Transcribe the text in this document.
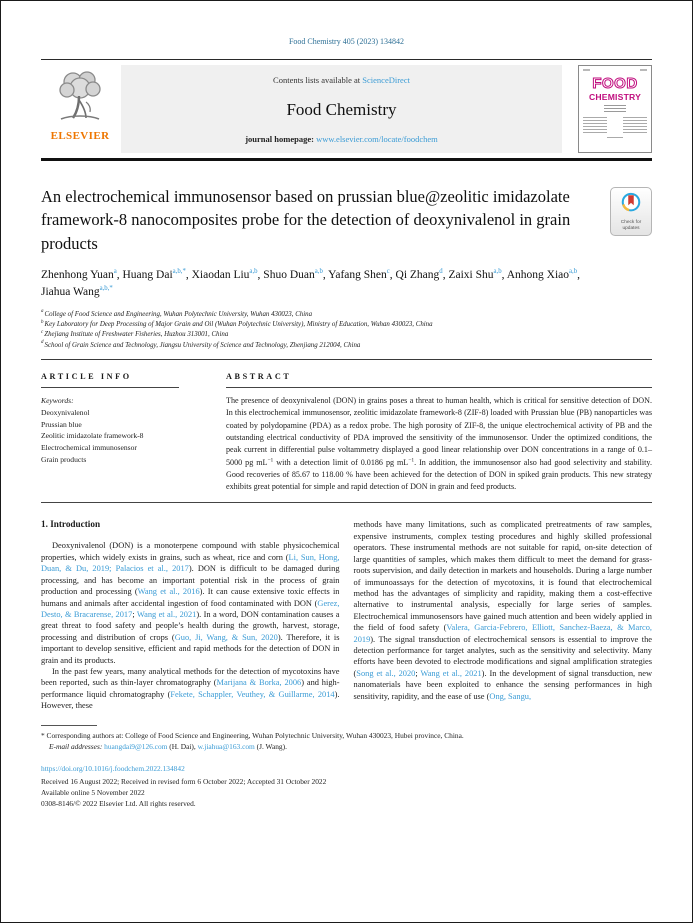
Food Chemistry 405 (2023) 134842
ELSEVIER
Contents lists available at ScienceDirect
Food Chemistry
journal homepage: www.elsevier.com/locate/foodchem
FOOD
CHEMISTRY
An electrochemical immunosensor based on prussian blue@zeolitic imidazolate framework-8 nanocomposites probe for the detection of deoxynivalenol in grain products
Check for
updates
Zhenhong Yuan$^a$, Huang Dai$^{a,b,*}$, Xiaodan Liu$^{a,b}$, Shuo Duan$^{a,b}$, Yafang Shen$^c$, Qi Zhang$^d$, Zaixi Shu$^{a,b}$, Anhong Xiao$^{a,b}$, Jiahua Wang$^{a,b,*}$
$^a$College of Food Science and Engineering, Wuhan Polytechnic University, Wuhan 430023, China
$^b$Key Laboratory for Deep Processing of Major Grain and Oil (Wuhan Polytechnic University), Ministry of Education, Wuhan 430023, China
$^c$Zhejiang Institute of Freshwater Fisheries, Huzhou 313001, China
$^d$School of Grain Science and Technology, Jiangsu University of Science and Technology, Zhenjiang 212004, China
ARTICLE INFO
Keywords:
Deoxynivalenol
Prussian blue
Zeolitic imidazolate framework-8
Electrochemical immunosensor
Grain products
ABSTRACT

The presence of deoxynivalenol (DON) in grains poses a threat to human health, which is critical for sensitive detection of DON. In this electrochemical immunosensor, zeolitic imidazolate framework-8 (ZIF-8) loaded with Prussian blue (PB) nanoparticles was coated by polydopamine (PDA) as a redox probe. The high porosity of ZIF-8, the unique electrochemical activity of PB and the outstanding electrical conductivity of PDA improved the sensitivity of the immunosensor. Under the optimized conditions, the peak current in differential pulse voltammetry displayed a good linear relationship over DON concentrations in a range of 0.1–5000 pg $mL^{-1}$ with a detection limit of 0.0186 pg $mL^{-1}$. In addition, the immunosensor also had good selectivity and stability. Good recoveries of 85.67 to 118.00 % have been achieved for the detection of DON in spiked grain products. This new strategy exhibits great potential for simple and rapid detection of DON in grain and feed products.

1. Introduction

Deoxynivalenol (DON) is a monoterpene compound with stable physicochemical properties, which widely exists in grains, such as wheat, rice and corn (Li, Sun, Hong, Duan, & Du, 2019; Palacios et al., 2017). DON is difficult to be damaged during processing, and has become an important potential risk in the process of grain production and processing (Wang et al., 2016). It can cause extensive toxic effects in humans and animals after accidental ingestion of food contaminated with DON (Gerez, Desto, & Bracarense, 2017; Wang et al., 2021). In a word, DON contamination causes a great threat to food safety and people’s health during the growth, harvest, storage, processing and distribution of crops (Guo, Ji, Wang, & Sun, 2020). Therefore, it is important to develop sensitive, efficient and rapid methods for the detection of DON in grain and its products.

In the past few years, many analytical methods for the detection of mycotoxins have been reported, such as thin-layer chromatography (Marijana & Borka, 2006) and high-performance liquid chromatography (Fekete, Schappler, Veuthey, & Guillarme, 2014). However, these

methods have many limitations, such as complicated pretreatments of raw samples, expensive instruments, complex testing procedures and highly skilled professional operators. These instrumental methods are not suitable for rapid, on-site detection of large quantities of samples, which makes them difficult to meet the demand for grass-roots supervision, and daily detection in markets and households. During a large number of immunoassays for the detection of mycotoxins, it is found that electrochemical method has the advantages of simplicity and rapidity, making them a cost-effective alternative to instrumental analysis, especially for large series of samples. Electrochemical immunosensors have gained much attention and been widely applied in the field of food safety (Valera, Garcia-Febrero, Elliott, Sanchez-Baeza, & Marco, 2019). The signal transduction of electrochemical sensors is essential to improve the detection performance for target analytes, such as the sensitivity and selectivity. Many efforts have been devoted to electrode modifications and signal amplification strategies (Song et al., 2020; Wang et al., 2021). In the development of signal transduction, new nanomaterials have been exploited to enhance the sensing performances in high sensitivity, rapidity, and the ease of use (Ong, Sangu,

* Corresponding authors at: College of Food Science and Engineering, Wuhan Polytechnic University, Wuhan 430023, Hubei province, China.
E-mail addresses: huangdai9@126.com (H. Dai), w.jiahua@163.com (J. Wang).
https://doi.org/10.1016/j.foodchem.2022.134842
Received 16 August 2022; Received in revised form 6 October 2022; Accepted 31 October 2022
Available online 5 November 2022
0308-8146/© 2022 Elsevier Ltd. All rights reserved.
